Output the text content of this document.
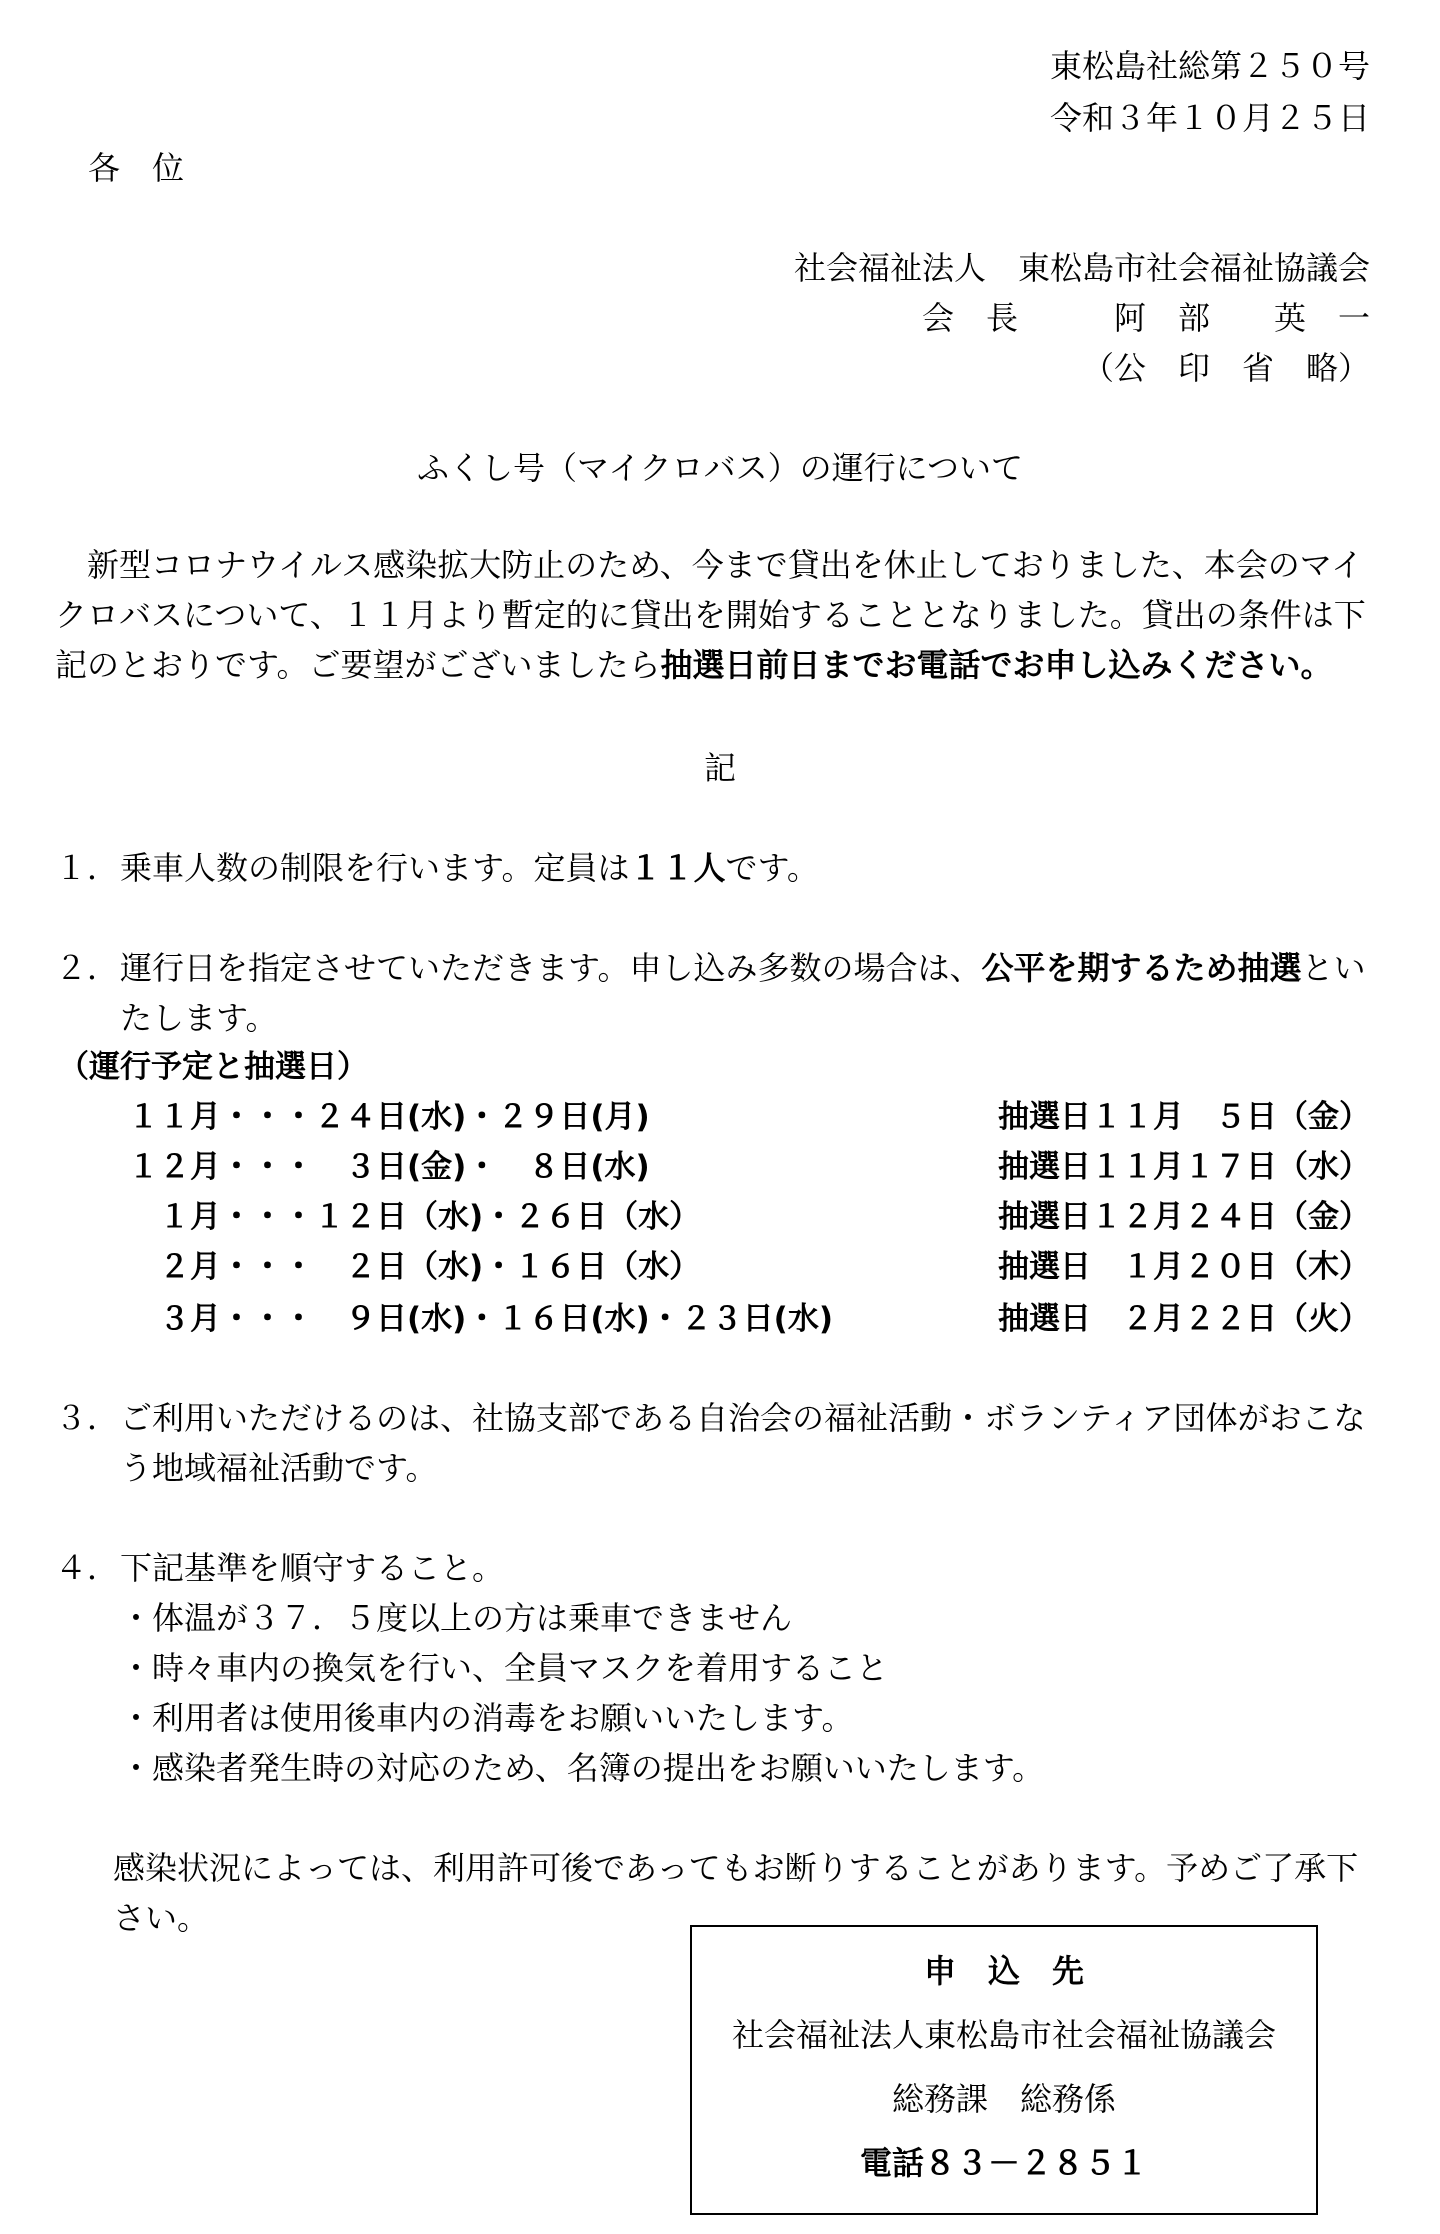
東松島社総第２５０号
令和３年１０月２５日
各　位
社会福祉法人　東松島市社会福祉協議会
会　長　　　阿　部　　英　一
（公　印　省　略）
ふくし号（マイクロバス）の運行について
新型コロナウイルス感染拡大防止のため、今まで貸出を休止しておりました、本会のマイクロバスについて、１１月より暫定的に貸出を開始することとなりました。貸出の条件は下記のとおりです。ご要望がございましたら抽選日前日までお電話でお申し込みください。
記
１． 乗車人数の制限を行います。定員は１１人です。
２． 運行日を指定させていただきます。申し込み多数の場合は、公平を期するため抽選といたします。
（運行予定と抽選日）
１１月・・・２４日(水)・２９日(月)	抽選日１１月　５日（金）
１２月・・・　３日(金)・　８日(水)	抽選日１１月１７日（水）
　１月・・・１２日（水)・２６日（水）	抽選日１２月２４日（金）
　２月・・・　２日（水)・１６日（水）	抽選日　１月２０日（木）
　３月・・・　９日(水)・１６日(水)・２３日(水)	抽選日　２月２２日（火）
３． ご利用いただけるのは、社協支部である自治会の福祉活動・ボランティア団体がおこなう地域福祉活動です。
４． 下記基準を順守すること。
・体温が３７．５度以上の方は乗車できません
・時々車内の換気を行い、全員マスクを着用すること
・利用者は使用後車内の消毒をお願いいたします。
・感染者発生時の対応のため、名簿の提出をお願いいたします。
感染状況によっては、利用許可後であってもお断りすることがあります。予めご了承下さい。
申　込　先
社会福祉法人東松島市社会福祉協議会
総務課　総務係
電話８３－２８５１
